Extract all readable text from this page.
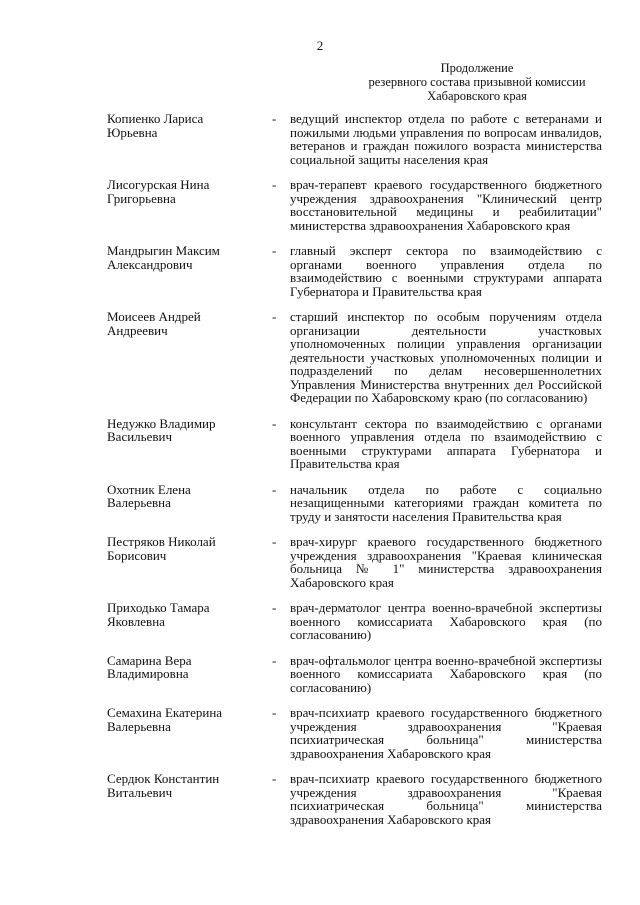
2
Продолжение
резервного состава призывной комиссии
Хабаровского края
Копиенко Лариса
Юрьевна
-	ведущий инспектор отдела по работе с ветеранами и пожилыми людьми управления по вопросам инвалидов, ветеранов и граждан пожилого возраста министерства социальной защиты населения края
Лисогурская Нина
Григорьевна
-	врач-терапевт краевого государственного бюджетного учреждения здравоохранения "Клинический центр восстановительной медицины и реабилитации" министерства здравоохранения Хабаровского края
Мандрыгин Максим
Александрович
-	главный эксперт сектора по взаимодействию с органами военного управления отдела по взаимодействию с военными структурами аппарата Губернатора и Правительства края
Моисеев Андрей
Андреевич
-	старший инспектор по особым поручениям отдела организации деятельности участковых уполномоченных полиции управления организации деятельности участковых уполномоченных полиции и подразделений по делам несовершеннолетних Управления Министерства внутренних дел Российской Федерации по Хабаровскому краю (по согласованию)
Недужко Владимир
Васильевич
-	консультант сектора по взаимодействию с органами военного управления отдела по взаимодействию с военными структурами аппарата Губернатора и Правительства края
Охотник Елена
Валерьевна
-	начальник отдела по работе с социально незащищенными категориями граждан комитета по труду и занятости населения Правительства края
Пестряков Николай
Борисович
-	врач-хирург краевого государственного бюджетного учреждения здравоохранения "Краевая клиническая больница № 1" министерства здравоохранения Хабаровского края
Приходько Тамара
Яковлевна
-	врач-дерматолог центра военно-врачебной экспертизы военного комиссариата Хабаровского края (по согласованию)
Самарина Вера
Владимировна
-	врач-офтальмолог центра военно-врачебной экспертизы военного комиссариата Хабаровского края (по согласованию)
Семахина Екатерина
Валерьевна
-	врач-психиатр краевого государственного бюджетного учреждения здравоохранения "Краевая психиатрическая больница" министерства здравоохранения Хабаровского края
Сердюк Константин
Витальевич
-	врач-психиатр краевого государственного бюджетного учреждения здравоохранения "Краевая психиатрическая больница" министерства здравоохранения Хабаровского края
